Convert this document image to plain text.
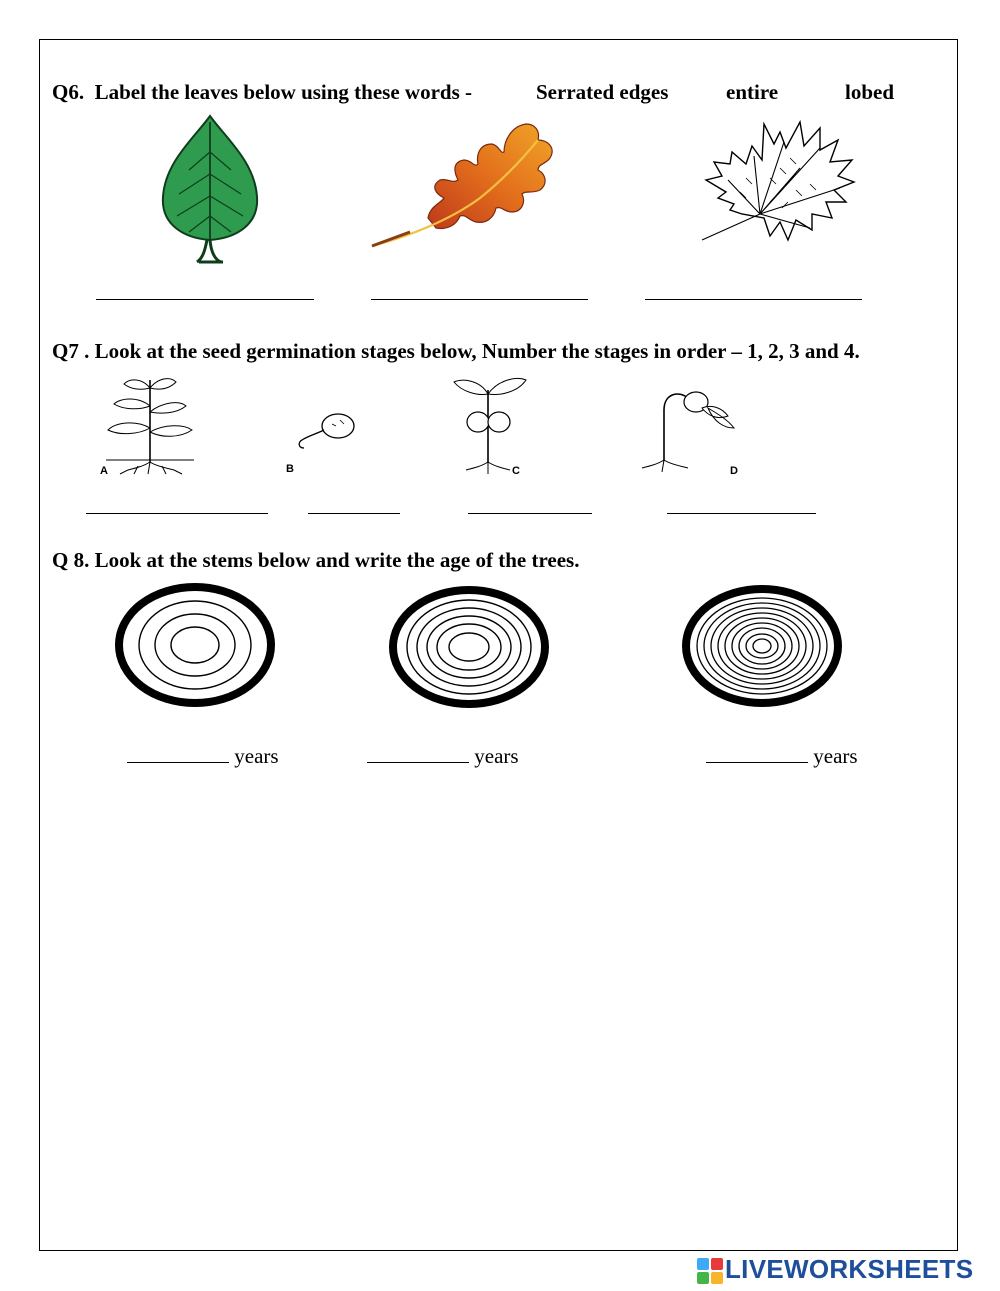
Q6.  Label the leaves below using these words -	Serrated edges	entire	lobed
Q7 . Look at the seed germination stages below, Number the stages in order – 1, 2, 3 and 4.
A	B	C	D
Q 8. Look at the stems below and write the age of the trees.
years	years	years
LIVEWORKSHEETS
